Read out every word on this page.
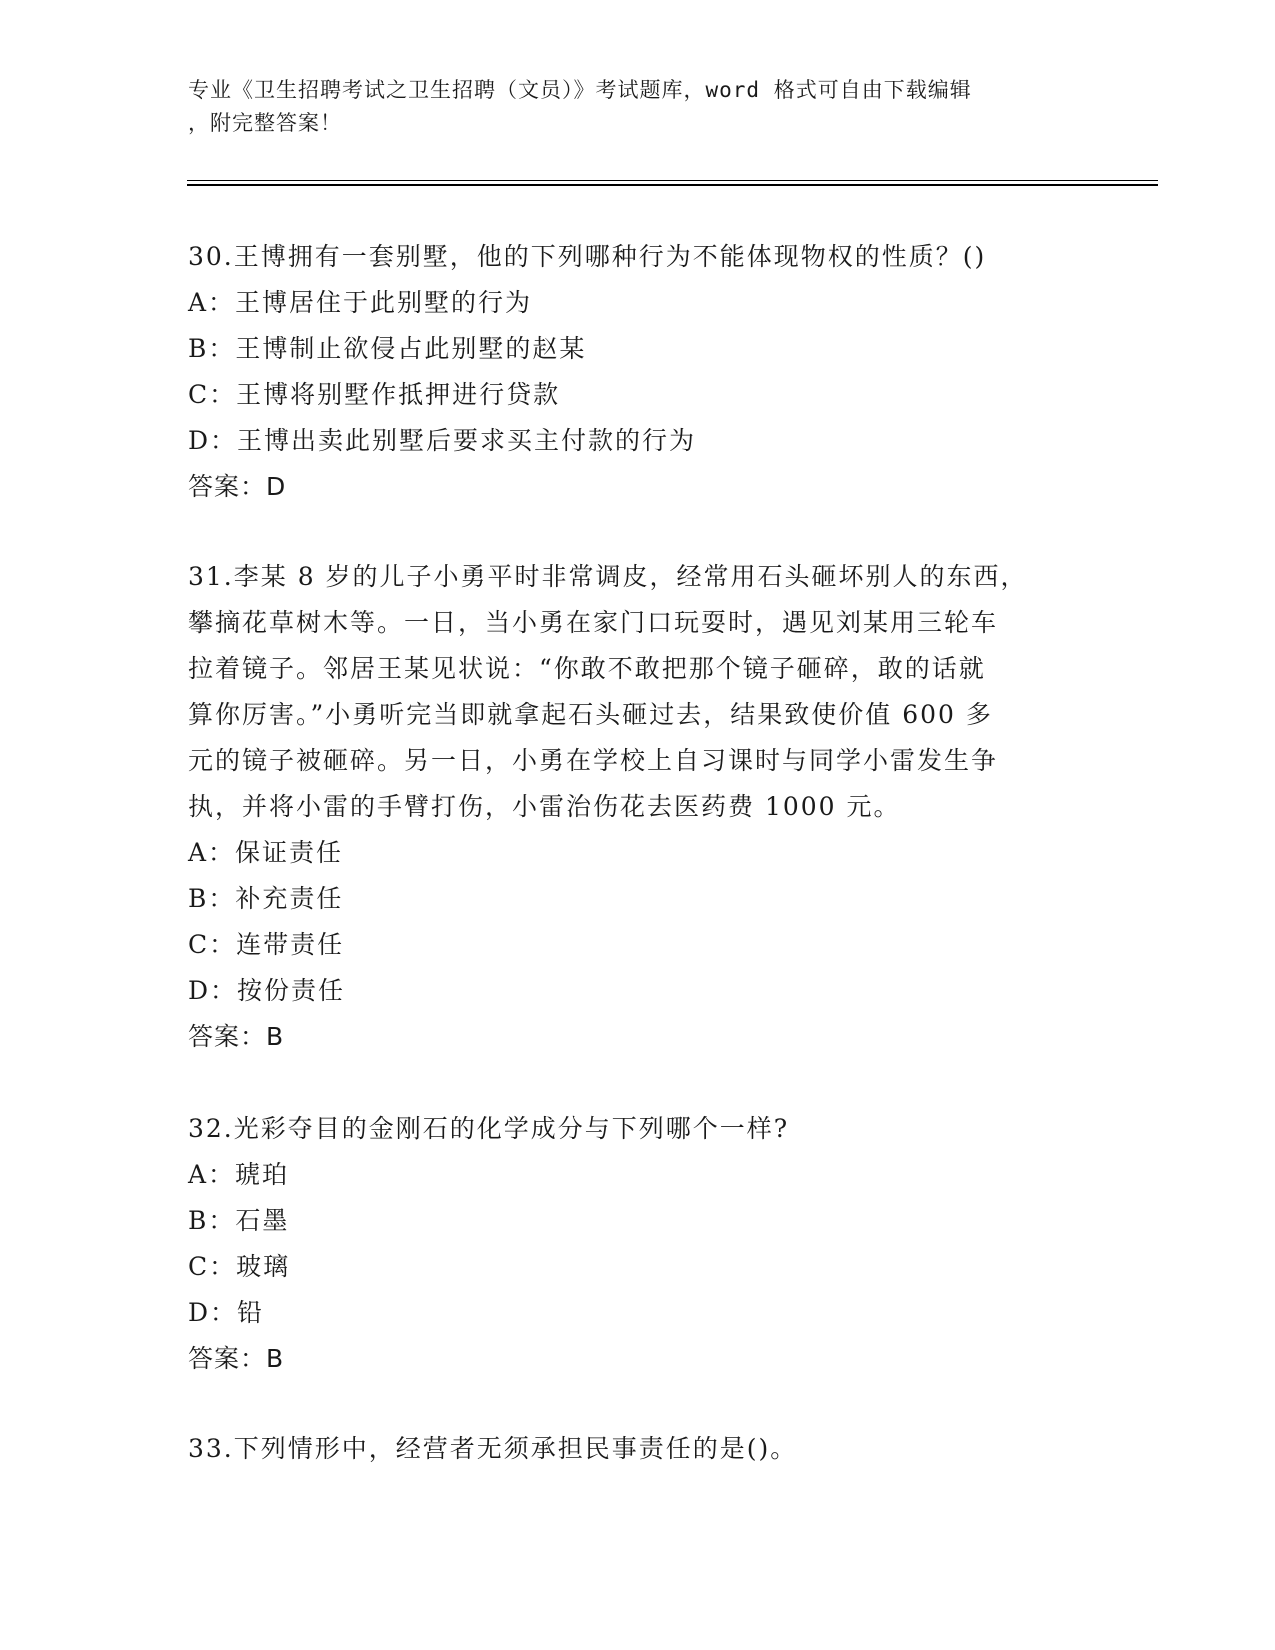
专业《卫生招聘考试之卫生招聘（文员）》考试题库，word 格式可自由下载编辑
，附完整答案！

30.王博拥有一套别墅，他的下列哪种行为不能体现物权的性质？()

A：王博居住于此别墅的行为

B：王博制止欲侵占此别墅的赵某

C：王博将别墅作抵押进行贷款

D：王博出卖此别墅后要求买主付款的行为

答案：D

31.李某 8 岁的儿子小勇平时非常调皮，经常用石头砸坏别人的东西，

攀摘花草树木等。一日，当小勇在家门口玩耍时，遇见刘某用三轮车

拉着镜子。邻居王某见状说：“你敢不敢把那个镜子砸碎，敢的话就

算你厉害。”小勇听完当即就拿起石头砸过去，结果致使价值 600 多

元的镜子被砸碎。另一日，小勇在学校上自习课时与同学小雷发生争

执，并将小雷的手臂打伤，小雷治伤花去医药费 1000 元。

A：保证责任

B：补充责任

C：连带责任

D：按份责任

答案：B

32.光彩夺目的金刚石的化学成分与下列哪个一样?

A：琥珀

B：石墨

C：玻璃

D：铅

答案：B

33.下列情形中，经营者无须承担民事责任的是()。
